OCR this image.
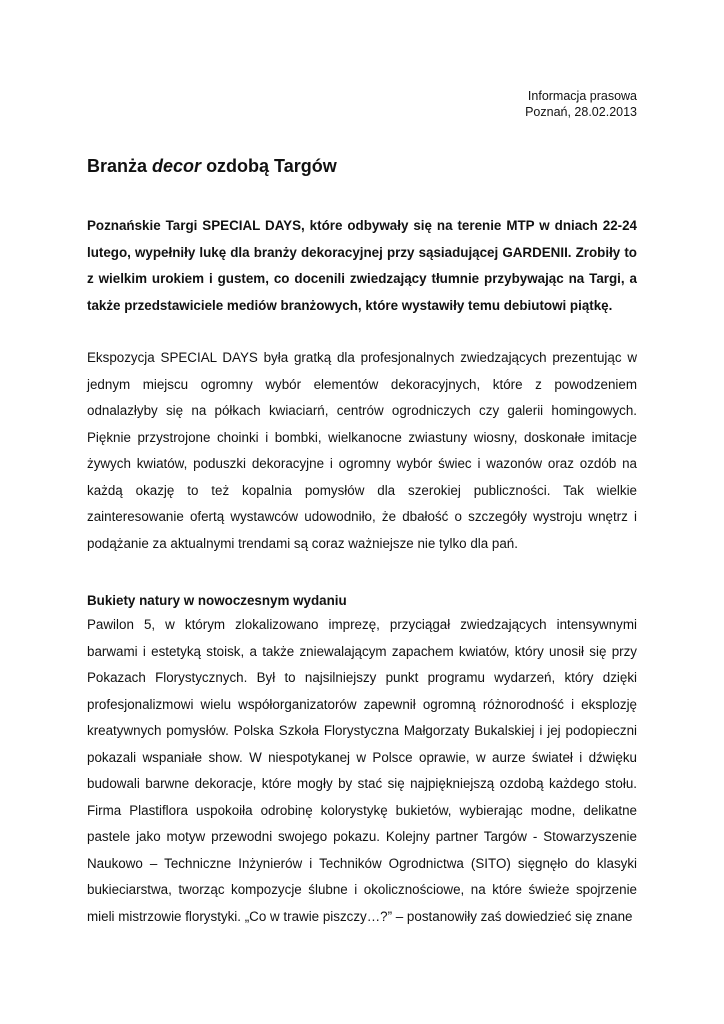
Informacja prasowa
Poznań, 28.02.2013
Branża decor ozdobą Targów

Poznańskie Targi SPECIAL DAYS, które odbywały się na terenie MTP w dniach 22-24 lutego, wypełniły lukę dla branży dekoracyjnej przy sąsiadującej GARDENII. Zrobiły to z wielkim urokiem i gustem, co docenili zwiedzający tłumnie przybywając na Targi, a także przedstawiciele mediów branżowych, które wystawiły temu debiutowi piątkę.

Ekspozycja SPECIAL DAYS była gratką dla profesjonalnych zwiedzających prezentując w jednym miejscu ogromny wybór elementów dekoracyjnych, które z powodzeniem odnalazłyby się na półkach kwiaciarń, centrów ogrodniczych czy galerii homingowych. Pięknie przystrojone choinki i bombki, wielkanocne zwiastuny wiosny, doskonałe imitacje żywych kwiatów, poduszki dekoracyjne i ogromny wybór świec i wazonów oraz ozdób na każdą okazję to też kopalnia pomysłów dla szerokiej publiczności. Tak wielkie zainteresowanie ofertą wystawców udowodniło, że dbałość o szczegóły wystroju wnętrz i podążanie za aktualnymi trendami są coraz ważniejsze nie tylko dla pań.

Bukiety natury w nowoczesnym wydaniu

Pawilon 5, w którym zlokalizowano imprezę, przyciągał zwiedzających intensywnymi barwami i estetyką stoisk, a także zniewalającym zapachem kwiatów, który unosił się przy Pokazach Florystycznych. Był to najsilniejszy punkt programu wydarzeń, który dzięki profesjonalizmowi wielu współorganizatorów zapewnił ogromną różnorodność i eksplozję kreatywnych pomysłów. Polska Szkoła Florystyczna Małgorzaty Bukalskiej i jej podopieczni pokazali wspaniałe show. W niespotykanej w Polsce oprawie, w aurze świateł i dźwięku budowali barwne dekoracje, które mogły by stać się najpiękniejszą ozdobą każdego stołu. Firma Plastiflora uspokoiła odrobinę kolorystykę bukietów, wybierając modne, delikatne pastele jako motyw przewodni swojego pokazu. Kolejny partner Targów - Stowarzyszenie Naukowo – Techniczne Inżynierów i Techników Ogrodnictwa (SITO) sięgnęło do klasyki bukieciarstwa, tworząc kompozycje ślubne i okolicznościowe, na które świeże spojrzenie mieli mistrzowie florystyki. „Co w trawie piszczy…?” – postanowiły zaś dowiedzieć się znane
